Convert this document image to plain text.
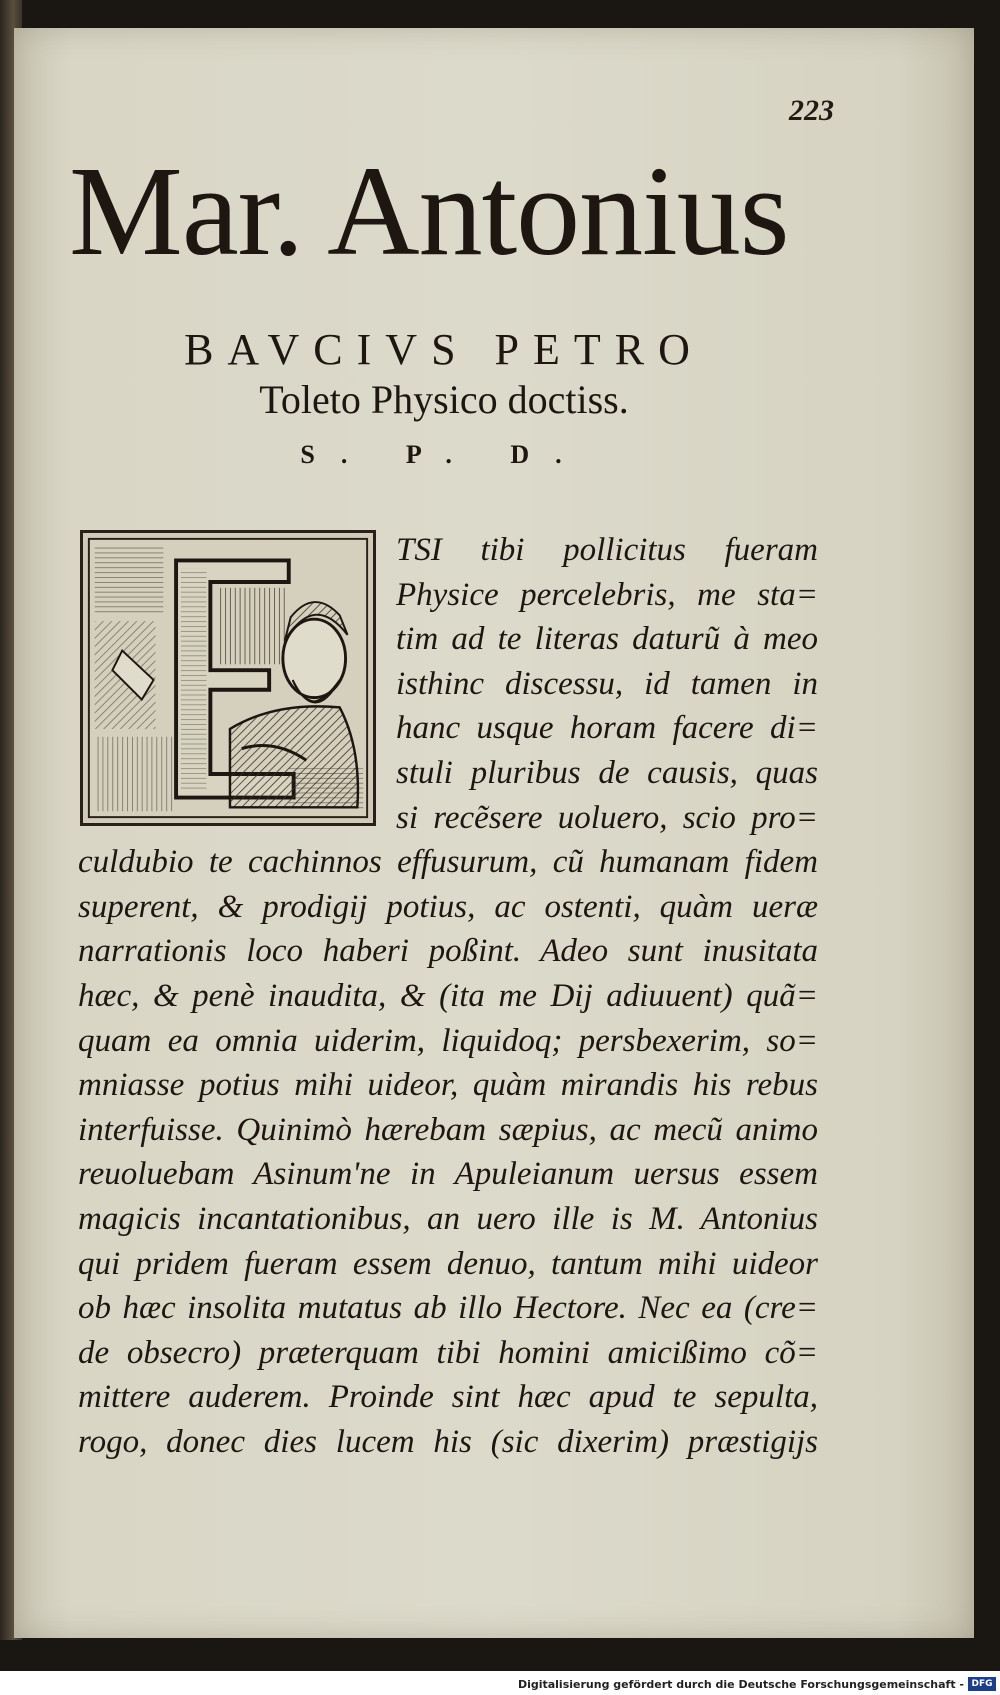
223
Mar. Antonius
BAVCIVS PETRO
Toleto Physico doctiss.
S. P. D.
TSI tibi pollicitus fueram
Physice percelebris, me sta=
tim ad te literas daturũ à meo
isthinc discessu, id tamen in
hanc usque horam facere di=
stuli pluribus de causis, quas
si recẽsere uoluero, scio pro=
culdubio te cachinnos effusurum, cũ humanam fidem
superent, & prodigij potius, ac ostenti, quàm ueræ
narrationis loco haberi poßint. Adeo sunt inusitata
hæc, & penè inaudita, & (ita me Dij adiuuent) quã=
quam ea omnia uiderim, liquidoq; persbexerim, so=
mniasse potius mihi uideor, quàm mirandis his rebus
interfuisse. Quinimò hærebam sæpius, ac mecũ animo
reuoluebam Asinum'ne in Apuleianum uersus essem
magicis incantationibus, an uero ille is M. Antonius
qui pridem fueram essem denuo, tantum mihi uideor
ob hæc insolita mutatus ab illo Hectore. Nec ea (cre=
de obsecro) præterquam tibi homini amicißimo cõ=
mittere auderem. Proinde sint hæc apud te sepulta,
rogo, donec dies lucem his (sic dixerim) præstigijs
Digitalisierung gefördert durch die Deutsche Forschungsgemeinschaft - DFG
